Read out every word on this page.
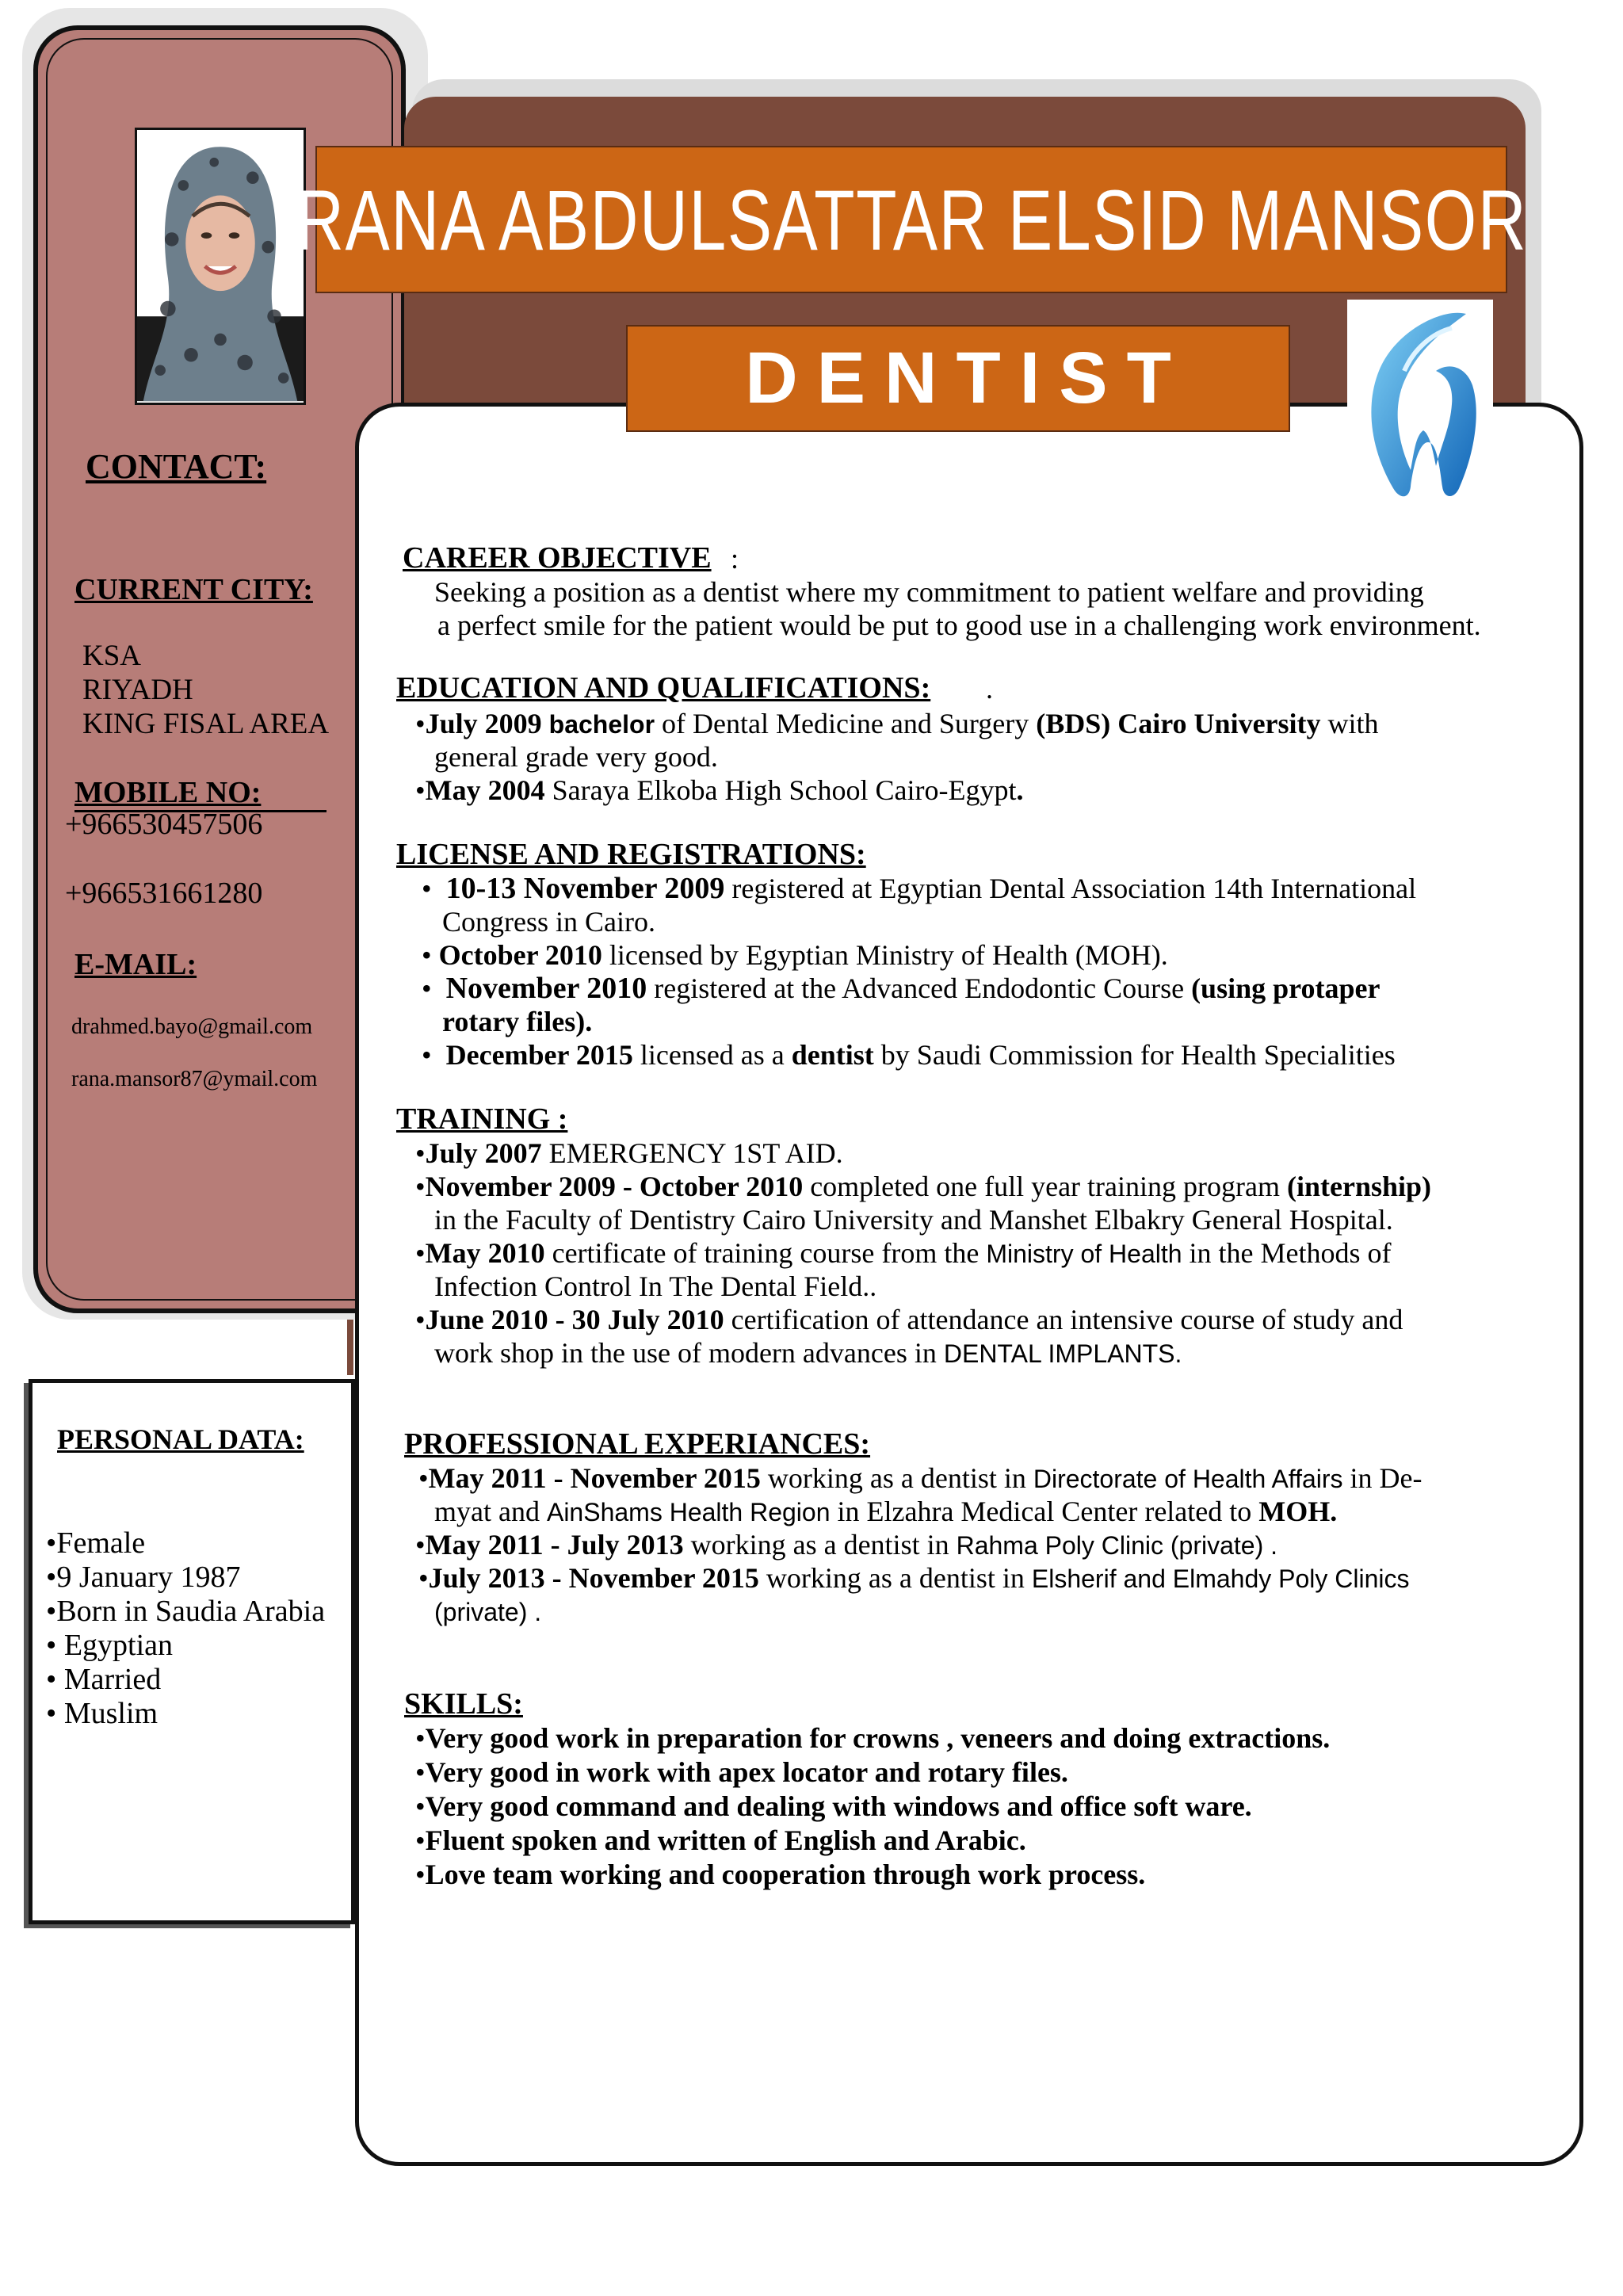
CONTACT:
CURRENT CITY:
KSA
RIYADH
KING FISAL AREA
MOBILE NO:
+966530457506
+966531661280
E-MAIL:
drahmed.bayo@gmail.com
rana.mansor87@ymail.com
RANA ABDULSATTAR ELSID MANSOR
DENTIST
CAREER OBJECTIVE :
Seeking a position as a dentist where my commitment to patient welfare and providing
a perfect smile for the patient would be put to good use in a challenging work environment.
EDUCATION AND QUALIFICATIONS: .
•July 2009 bachelor of Dental Medicine and Surgery (BDS) Cairo University with
general grade very good.
•May 2004 Saraya Elkoba High School Cairo-Egypt.
LICENSE AND REGISTRATIONS:
•  10-13 November 2009 registered at Egyptian Dental Association 14th International
Congress in Cairo.
• October 2010 licensed by Egyptian Ministry of Health (MOH).
•  November 2010 registered at the Advanced Endodontic Course (using protaper
rotary files).
•  December 2015 licensed as a dentist by Saudi Commission for Health Specialities
TRAINING :
•July 2007 EMERGENCY 1ST AID.
•November 2009 - October 2010 completed one full year training program (internship)
in the Faculty of Dentistry Cairo University and Manshet Elbakry General Hospital.
•May 2010 certificate of training course from the Ministry of Health in the Methods of
Infection Control In The Dental Field..
•June 2010 - 30 July 2010 certification of attendance an intensive course of study and
work shop in the use of modern advances in DENTAL IMPLANTS.
PROFESSIONAL EXPERIANCES:
•May 2011 - November 2015 working as a dentist in Directorate of Health Affairs in De-
myat and AinShams Health Region in Elzahra Medical Center related to MOH.
•May 2011 - July 2013 working as a dentist in Rahma Poly Clinic (private) .
•July 2013 - November 2015 working as a dentist in Elsherif and Elmahdy Poly Clinics
(private) .
SKILLS:
•Very good work in preparation for crowns , veneers and doing extractions.
•Very good in work with apex locator and rotary files.
•Very good command and dealing with windows and office soft ware.
•Fluent spoken and written of English and Arabic.
•Love team working and cooperation through work process.
PERSONAL DATA:
•Female
•9 January 1987
•Born in Saudia Arabia
• Egyptian
• Married
• Muslim
